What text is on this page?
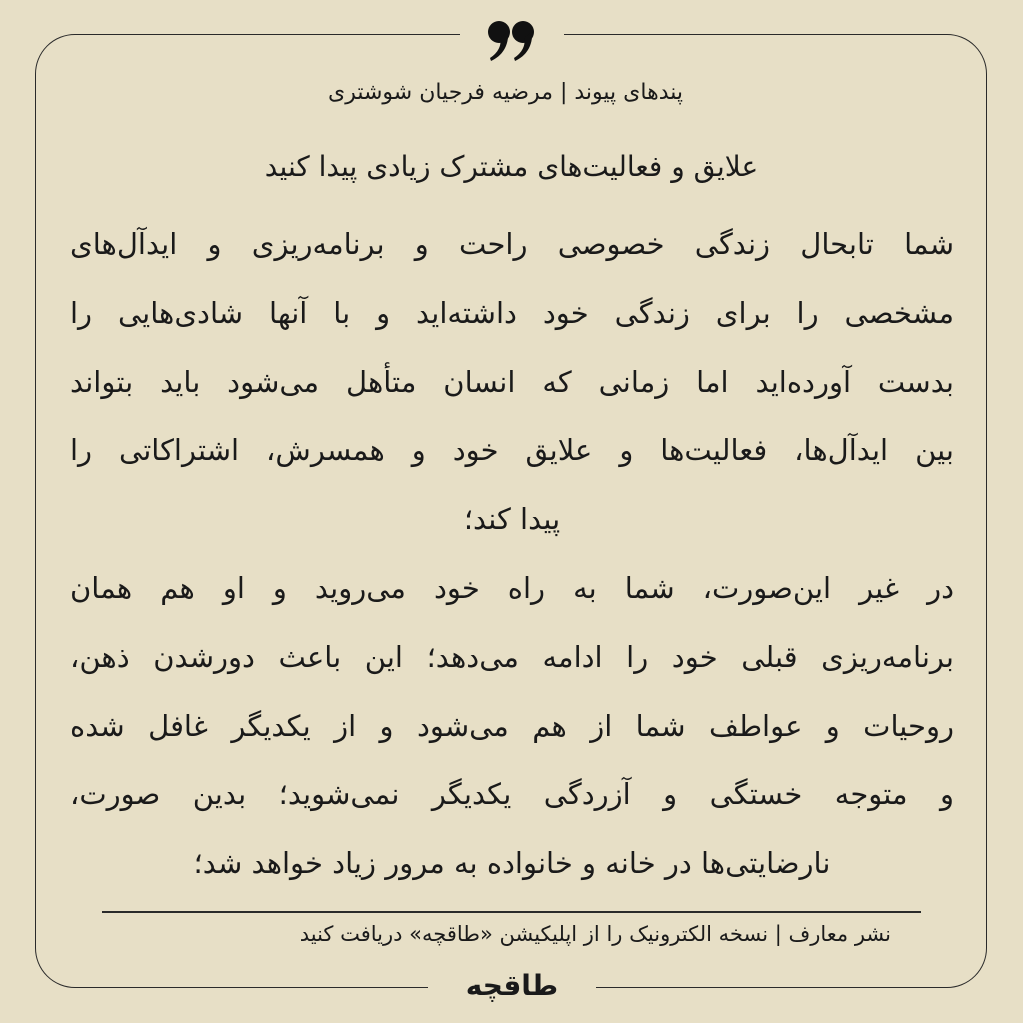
پندهای پیوند | مرضیه فرجیان شوشتری
علایق و فعالیت‌های مشترک زیادی پیدا کنید
شما تابحال زندگی خصوصی راحت و برنامه‌ریزی و ایدآل‌های
مشخصی را برای زندگی خود داشته‌اید و با آنها شادی‌هایی را
بدست آورده‌اید اما زمانی که انسان متأهل می‌شود باید بتواند
بین ایدآل‌ها، فعالیت‌ها و علایق خود و همسرش، اشتراکاتی را
پیدا کند؛
در غیر این‌صورت، شما به راه خود می‌روید و او هم همان
برنامه‌ریزی قبلی خود را ادامه می‌دهد؛ این باعث دورشدن ذهن،
روحیات و عواطف شما از هم می‌شود و از یکدیگر غافل شده
و متوجه خستگی و آزردگی یکدیگر نمی‌شوید؛ بدین صورت،
نارضایتی‌ها در خانه و خانواده به مرور زیاد خواهد شد؛
نشر معارف | نسخه الکترونیک را از اپلیکیشن «طاقچه» دریافت کنید
طاقچه
